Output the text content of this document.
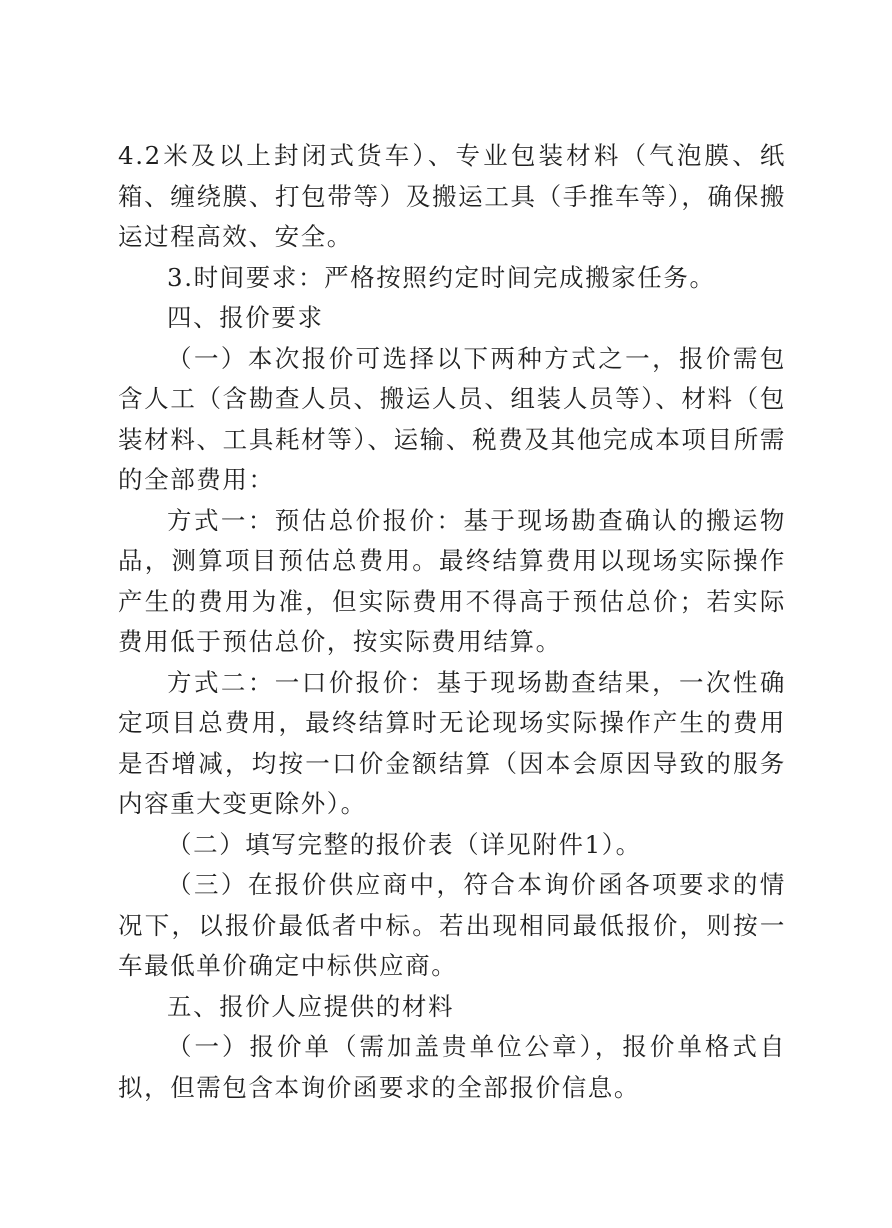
4.2米及以上封闭式货车）、专业包装材料（气泡膜、纸箱、缠绕膜、打包带等）及搬运工具（手推车等），确保搬运过程高效、安全。

3.时间要求：严格按照约定时间完成搬家任务。

四、报价要求

（一）本次报价可选择以下两种方式之一，报价需包含人工（含勘查人员、搬运人员、组装人员等）、材料（包装材料、工具耗材等）、运输、税费及其他完成本项目所需的全部费用：

方式一：预估总价报价：基于现场勘查确认的搬运物品，测算项目预估总费用。最终结算费用以现场实际操作产生的费用为准，但实际费用不得高于预估总价；若实际费用低于预估总价，按实际费用结算。

方式二：一口价报价：基于现场勘查结果，一次性确定项目总费用，最终结算时无论现场实际操作产生的费用是否增减，均按一口价金额结算（因本会原因导致的服务内容重大变更除外）。

（二）填写完整的报价表（详见附件1）。

（三）在报价供应商中，符合本询价函各项要求的情况下，以报价最低者中标。若出现相同最低报价，则按一车最低单价确定中标供应商。

五、报价人应提供的材料

（一）报价单（需加盖贵单位公章），报价单格式自拟，但需包含本询价函要求的全部报价信息。
